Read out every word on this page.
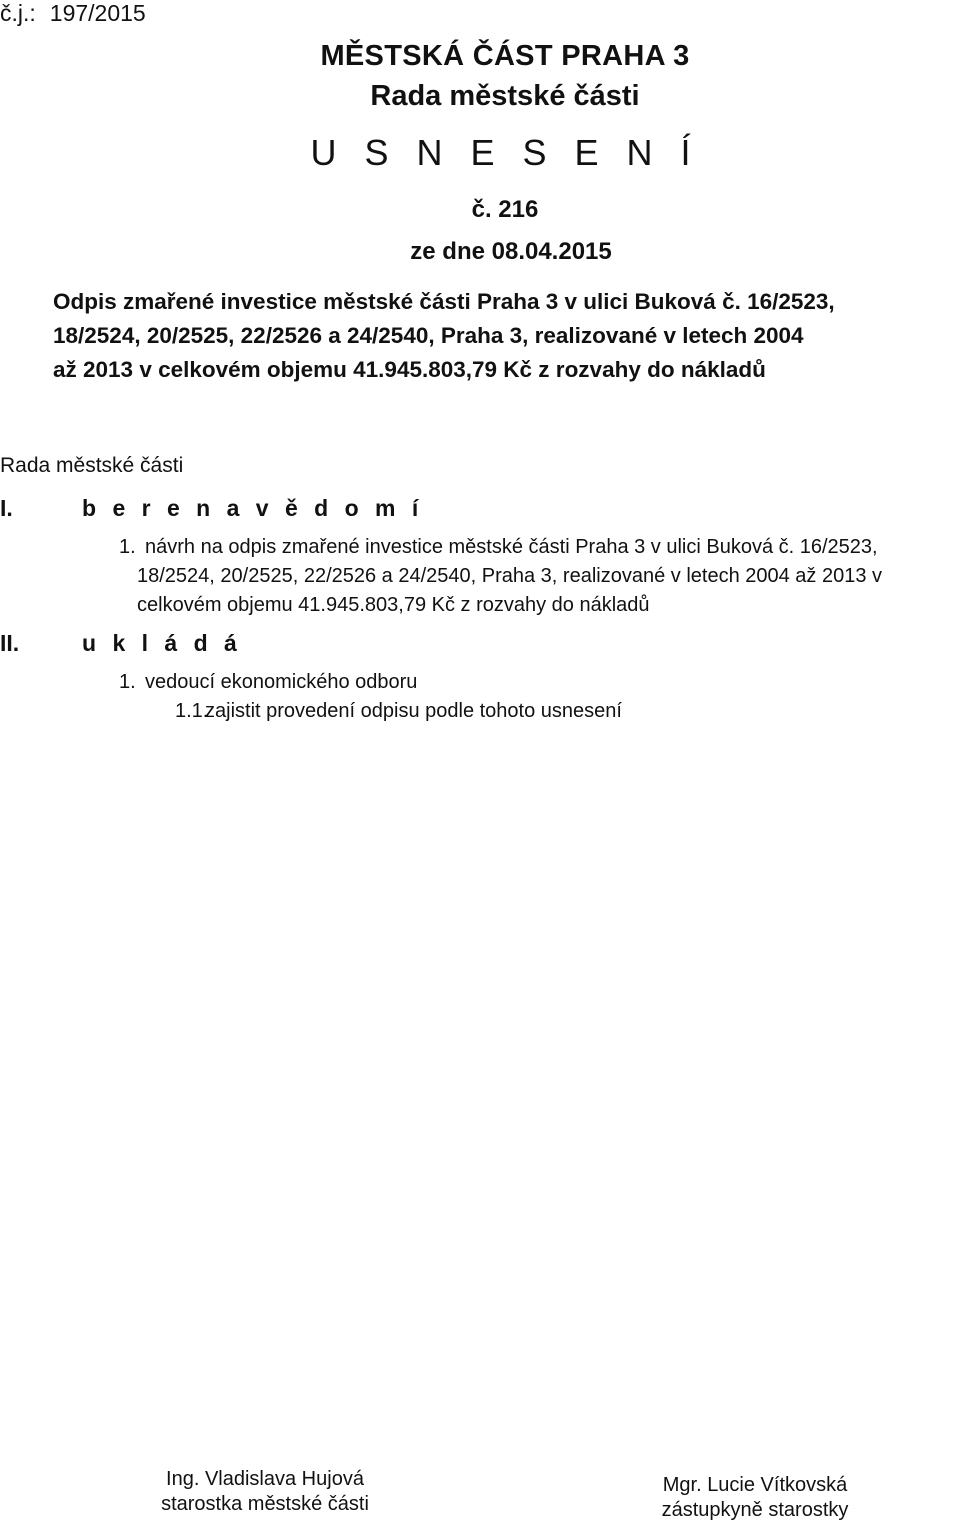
č.j.: 197/2015
MĚSTSKÁ ČÁST PRAHA 3
Rada městské části
U S N E S E N Í
č. 216
ze dne 08.04.2015
Odpis zmařené investice městské části Praha 3 v ulici Buková č. 16/2523,
18/2524, 20/2525, 22/2526 a 24/2540, Praha 3, realizované v letech 2004
až 2013 v celkovém objemu 41.945.803,79 Kč z rozvahy do nákladů
Rada městské části
I.	b e r e n a v ě d o m í
1. návrh na odpis zmařené investice městské části Praha 3 v ulici Buková č. 16/2523,
18/2524, 20/2525, 22/2526 a 24/2540, Praha 3, realizované v letech 2004 až 2013 v
celkovém objemu 41.945.803,79 Kč z rozvahy do nákladů
II.	u k l á d á
1. vedoucí ekonomického odboru
1.1.zajistit provedení odpisu podle tohoto usnesení
Ing. Vladislava Hujová
starostka městské části
Mgr. Lucie Vítkovská
zástupkyně starostky
